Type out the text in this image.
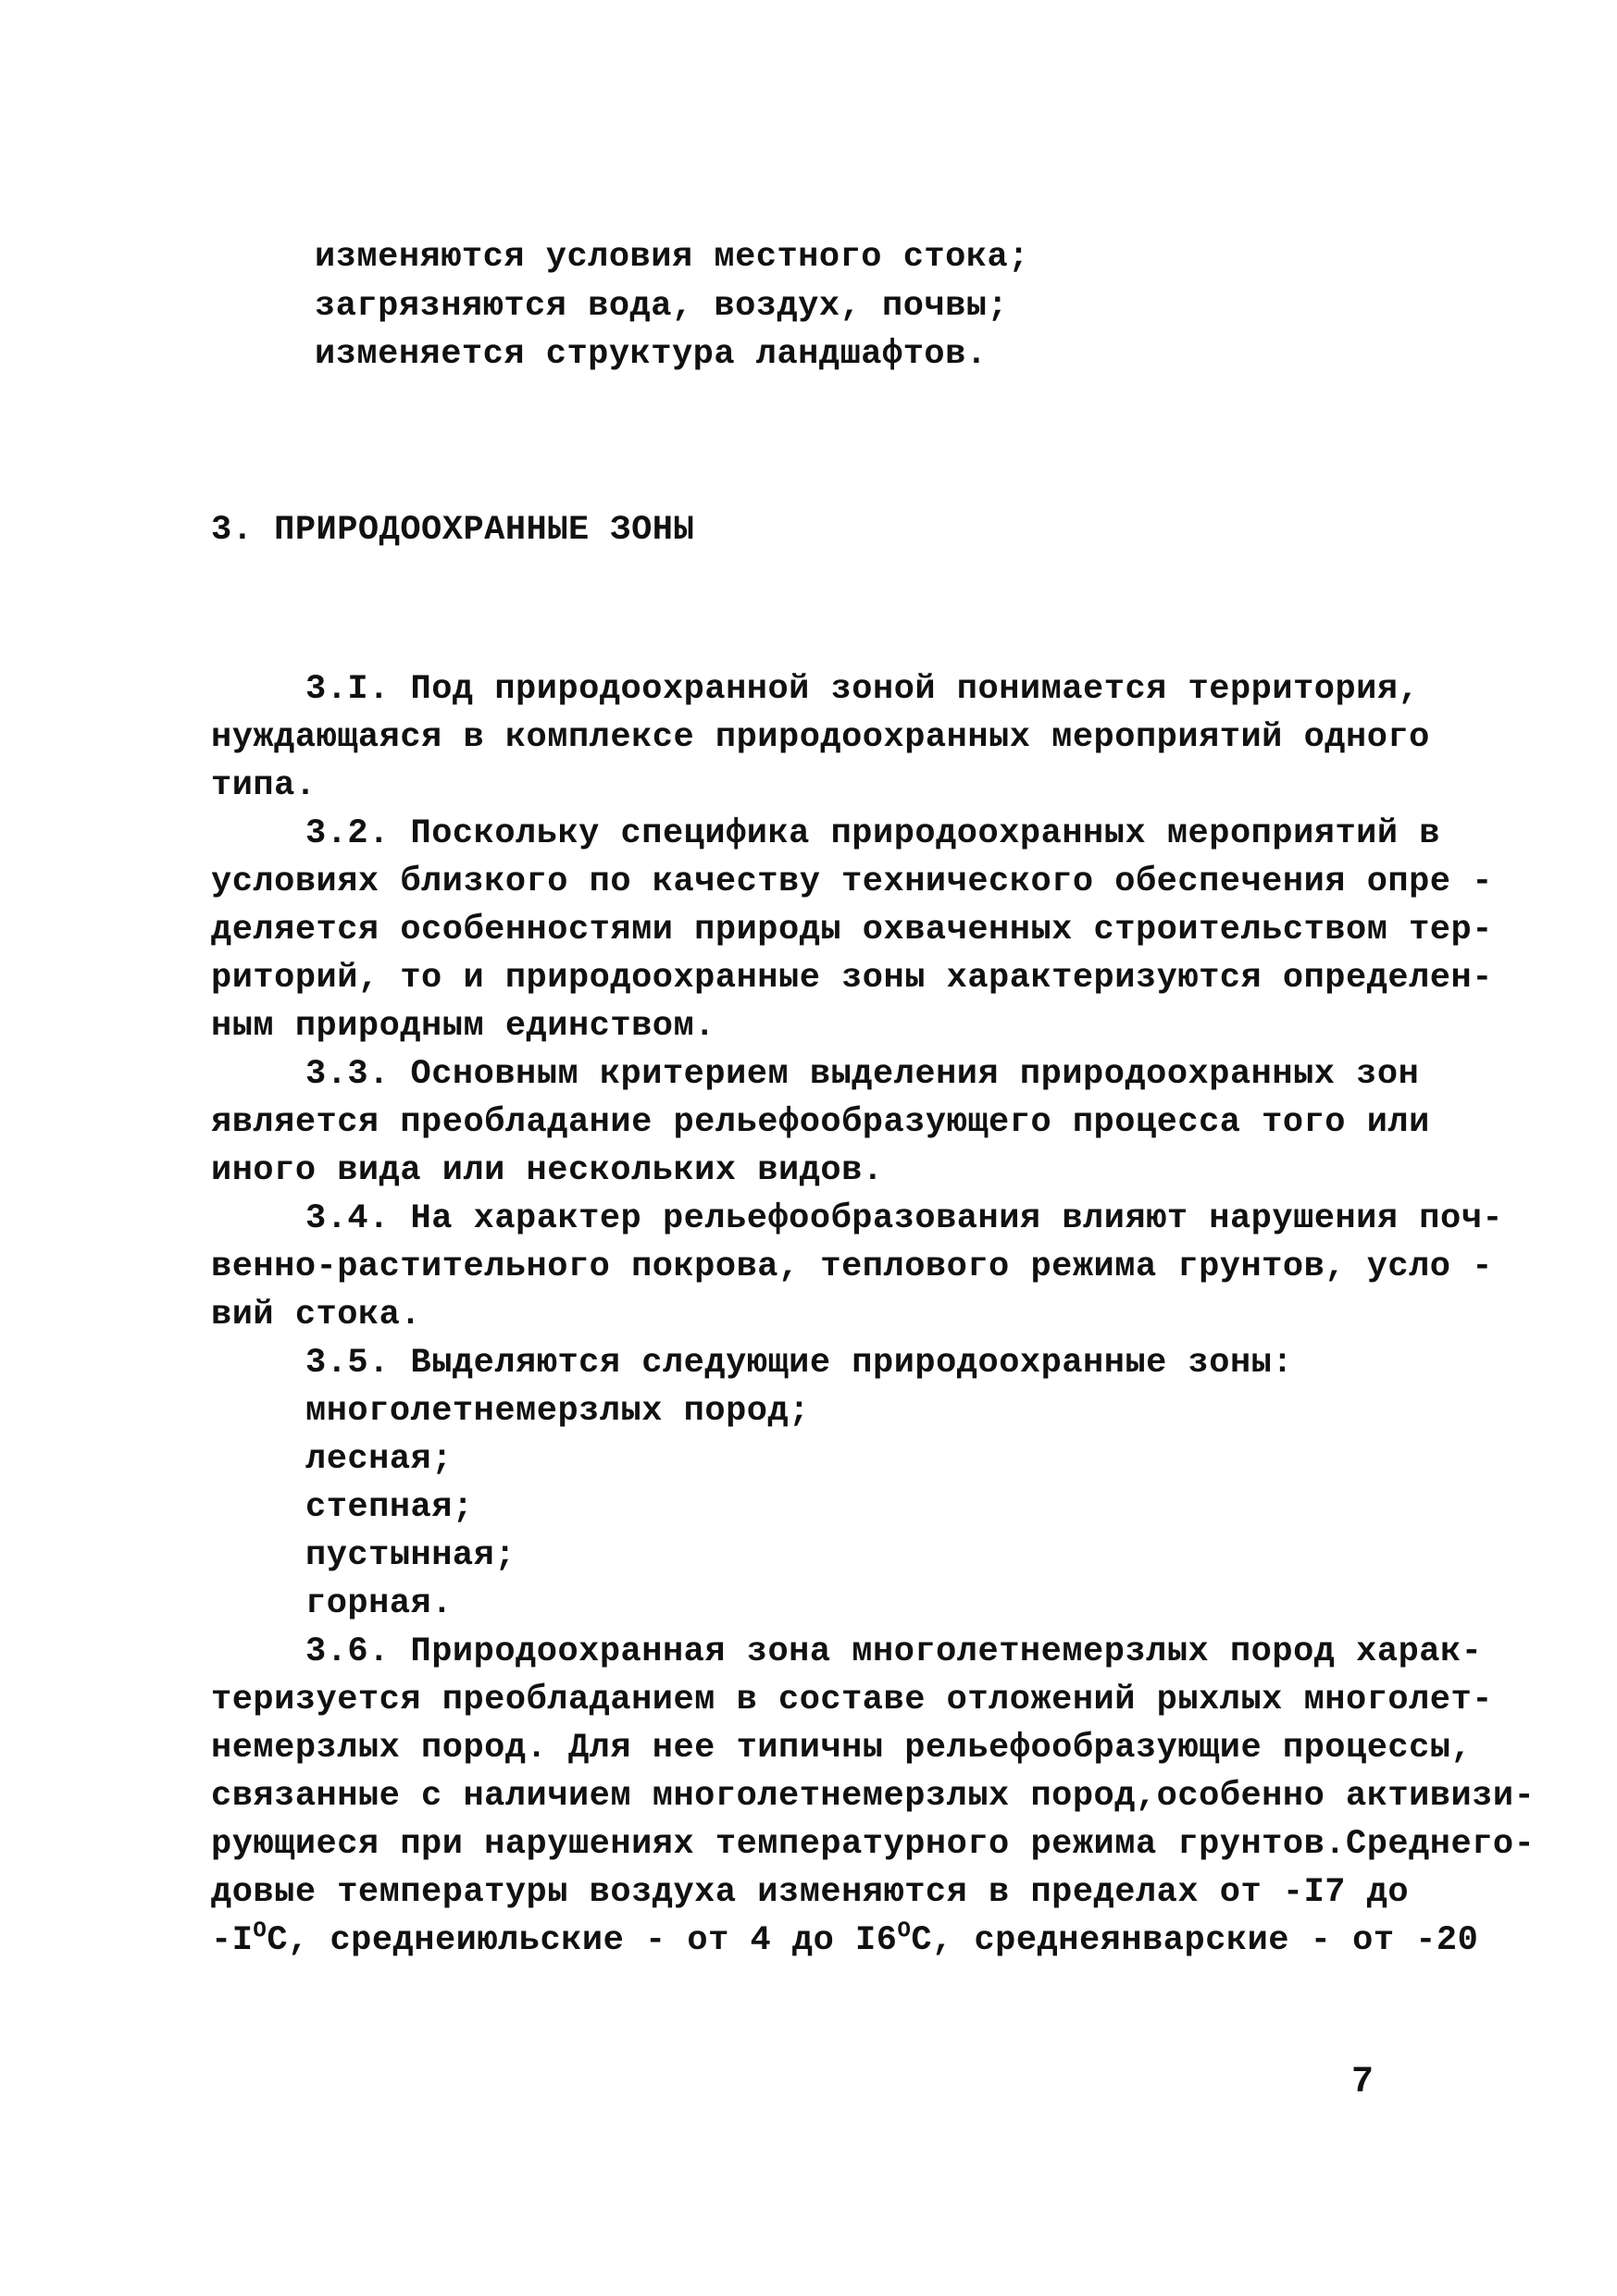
изменяются условия местного стока;
загрязняются вода, воздух, почвы;
изменяется структура ландшафтов.
3. ПРИРОДООХРАННЫЕ ЗОНЫ
3.I. Под природоохранной зоной понимается территория,
нуждающаяся в комплексе природоохранных мероприятий одного
типа.
3.2. Поскольку специфика природоохранных мероприятий в
условиях близкого по качеству технического обеспечения опре -
деляется особенностями природы охваченных строительством тер-
риторий, то и природоохранные зоны характеризуются определен-
ным природным единством.
3.3. Основным критерием выделения природоохранных зон
является преобладание рельефообразующего процесса того или
иного вида или нескольких видов.
3.4. На характер рельефообразования влияют нарушения поч-
венно-растительного покрова, теплового режима грунтов, усло -
вий стока.
3.5. Выделяются следующие природоохранные зоны:
многолетнемерзлых пород;
лесная;
степная;
пустынная;
горная.
3.6. Природоохранная зона многолетнемерзлых пород харак-
теризуется преобладанием в составе отложений рыхлых многолет-
немерзлых пород. Для нее типичны рельефообразующие процессы,
связанные с наличием многолетнемерзлых пород,особенно активизи-
рующиеся при нарушениях температурного режима грунтов.Среднего-
довые температуры воздуха изменяются в пределах от -I7 до
$-I^OC$, среднеиюльские - от 4 до $I6^OC$, среднеянварские - от -20
7
